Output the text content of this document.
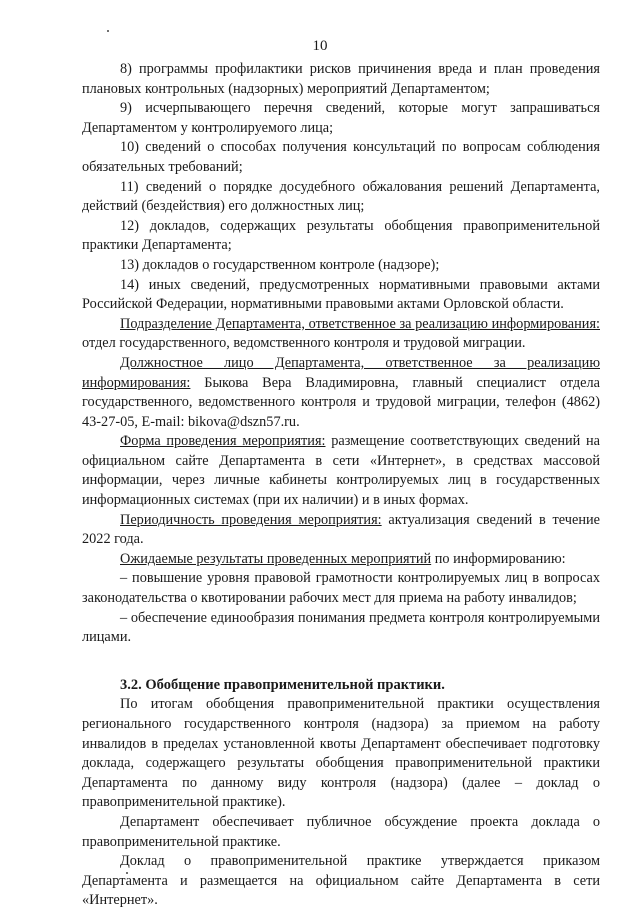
10

8) программы профилактики рисков причинения вреда и план проведения плановых контрольных (надзорных) мероприятий Департаментом;

9) исчерпывающего перечня сведений, которые могут запрашиваться Департаментом у контролируемого лица;

10) сведений о способах получения консультаций по вопросам соблюдения обязательных требований;

11) сведений о порядке досудебного обжалования решений Департамента, действий (бездействия) его должностных лиц;

12) докладов, содержащих результаты обобщения правоприменительной практики Департамента;

13) докладов о государственном контроле (надзоре);

14) иных сведений, предусмотренных нормативными правовыми актами Российской Федерации, нормативными правовыми актами Орловской области.

Подразделение Департамента, ответственное за реализацию информирования: отдел государственного, ведомственного контроля и трудовой миграции.

Должностное лицо Департамента, ответственное за реализацию информирования: Быкова Вера Владимировна, главный специалист отдела государственного, ведомственного контроля и трудовой миграции, телефон (4862) 43-27-05, E-mail: bikova@dszn57.ru.

Форма проведения мероприятия: размещение соответствующих сведений на официальном сайте Департамента в сети «Интернет», в средствах массовой информации, через личные кабинеты контролируемых лиц в государственных информационных системах (при их наличии) и в иных формах.

Периодичность проведения мероприятия: актуализация сведений в течение 2022 года.

Ожидаемые результаты проведенных мероприятий по информированию:

– повышение уровня правовой грамотности контролируемых лиц в вопросах законодательства о квотировании рабочих мест для приема на работу инвалидов;

– обеспечение единообразия понимания предмета контроля контролируемыми лицами.

3.2. Обобщение правоприменительной практики.

По итогам обобщения правоприменительной практики осуществления регионального государственного контроля (надзора) за приемом на работу инвалидов в пределах установленной квоты Департамент обеспечивает подготовку доклада, содержащего результаты обобщения правоприменительной практики Департамента по данному виду контроля (надзора) (далее – доклад о правоприменительной практике).

Департамент обеспечивает публичное обсуждение проекта доклада о правоприменительной практике.

Доклад о правоприменительной практике утверждается приказом Департамента и размещается на официальном сайте Департамента в сети «Интернет».
